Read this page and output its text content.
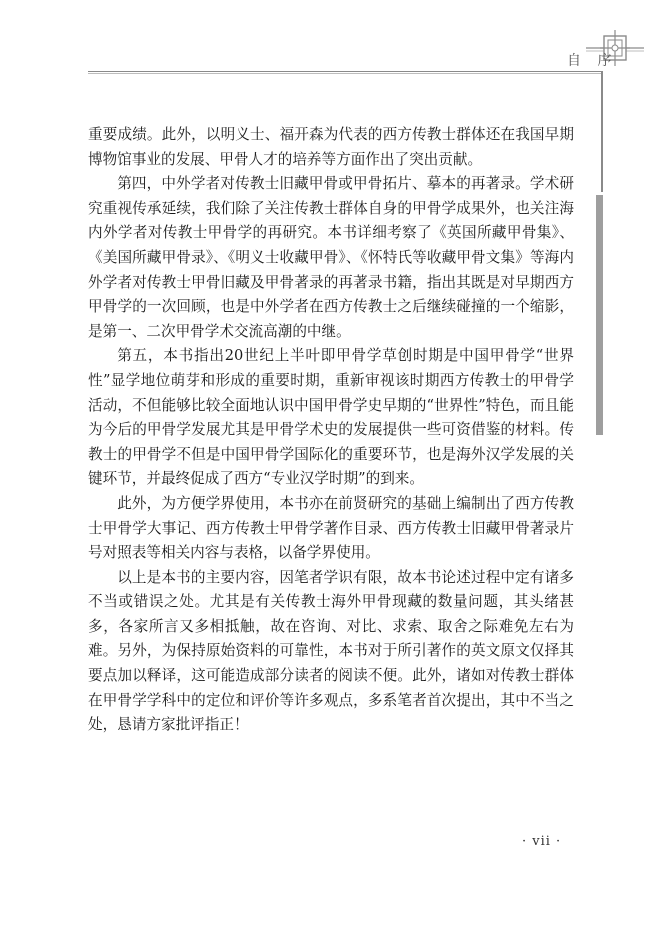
自 序

重要成绩。此外，以明义士、福开森为代表的西方传教士群体还在我国早期博物馆事业的发展、甲骨人才的培养等方面作出了突出贡献。

第四，中外学者对传教士旧藏甲骨或甲骨拓片、摹本的再著录。学术研究重视传承延续，我们除了关注传教士群体自身的甲骨学成果外，也关注海内外学者对传教士甲骨学的再研究。本书详细考察了《英国所藏甲骨集》、《美国所藏甲骨录》、《明义士收藏甲骨》、《怀特氏等收藏甲骨文集》等海内外学者对传教士甲骨旧藏及甲骨著录的再著录书籍，指出其既是对早期西方甲骨学的一次回顾，也是中外学者在西方传教士之后继续碰撞的一个缩影，是第一、二次甲骨学术交流高潮的中继。

第五，本书指出20世纪上半叶即甲骨学草创时期是中国甲骨学“世界性”显学地位萌芽和形成的重要时期，重新审视该时期西方传教士的甲骨学活动，不但能够比较全面地认识中国甲骨学史早期的“世界性”特色，而且能为今后的甲骨学发展尤其是甲骨学术史的发展提供一些可资借鉴的材料。传教士的甲骨学不但是中国甲骨学国际化的重要环节，也是海外汉学发展的关键环节，并最终促成了西方“专业汉学时期”的到来。

此外，为方便学界使用，本书亦在前贤研究的基础上编制出了西方传教士甲骨学大事记、西方传教士甲骨学著作目录、西方传教士旧藏甲骨著录片号对照表等相关内容与表格，以备学界使用。

以上是本书的主要内容，因笔者学识有限，故本书论述过程中定有诸多不当或错误之处。尤其是有关传教士海外甲骨现藏的数量问题，其头绪甚多，各家所言又多相抵触，故在咨询、对比、求索、取舍之际难免左右为难。另外，为保持原始资料的可靠性，本书对于所引著作的英文原文仅择其要点加以释译，这可能造成部分读者的阅读不便。此外，诸如对传教士群体在甲骨学学科中的定位和评价等许多观点，多系笔者首次提出，其中不当之处，恳请方家批评指正！

· vii ·
